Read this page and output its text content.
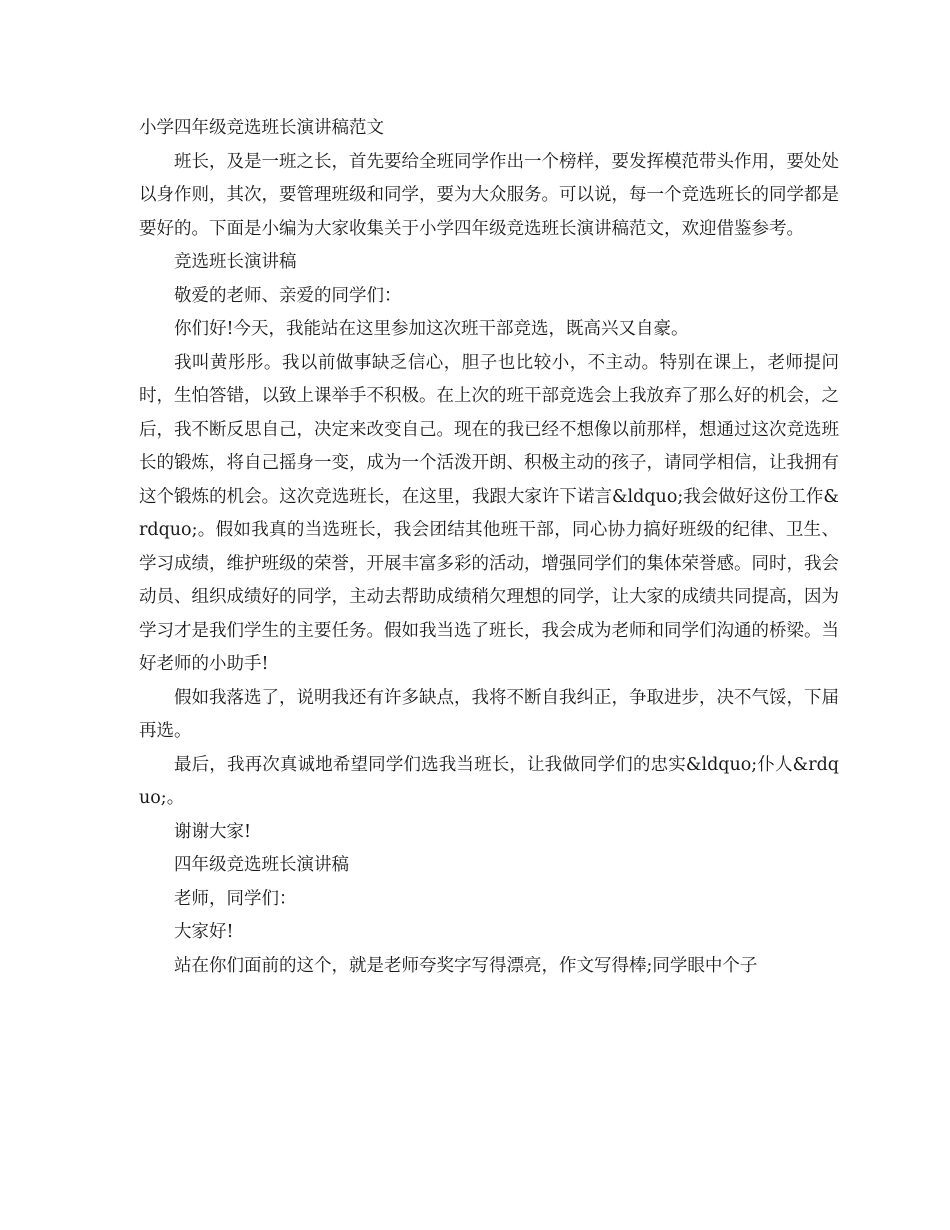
小学四年级竞选班长演讲稿范文

班长，及是一班之长，首先要给全班同学作出一个榜样，要发挥模范带头作用，要处处以身作则，其次，要管理班级和同学，要为大众服务。可以说，每一个竞选班长的同学都是要好的。下面是小编为大家收集关于小学四年级竞选班长演讲稿范文，欢迎借鉴参考。

竞选班长演讲稿

敬爱的老师、亲爱的同学们：

你们好!今天，我能站在这里参加这次班干部竞选，既高兴又自豪。

我叫黄彤彤。我以前做事缺乏信心，胆子也比较小，不主动。特别在课上，老师提问时，生怕答错，以致上课举手不积极。在上次的班干部竞选会上我放弃了那么好的机会，之后，我不断反思自己，决定来改变自己。现在的我已经不想像以前那样，想通过这次竞选班长的锻炼，将自己摇身一变，成为一个活泼开朗、积极主动的孩子，请同学相信，让我拥有这个锻炼的机会。这次竞选班长，在这里，我跟大家许下诺言&ldquo;我会做好这份工作&rdquo;。假如我真的当选班长，我会团结其他班干部，同心协力搞好班级的纪律、卫生、学习成绩，维护班级的荣誉，开展丰富多彩的活动，增强同学们的集体荣誉感。同时，我会动员、组织成绩好的同学，主动去帮助成绩稍欠理想的同学，让大家的成绩共同提高，因为学习才是我们学生的主要任务。假如我当选了班长，我会成为老师和同学们沟通的桥梁。当好老师的小助手!

假如我落选了，说明我还有许多缺点，我将不断自我纠正，争取进步，决不气馁，下届再选。

最后，我再次真诚地希望同学们选我当班长，让我做同学们的忠实&ldquo;仆人&rdquo;。

谢谢大家!

四年级竞选班长演讲稿

老师，同学们：

大家好!

站在你们面前的这个，就是老师夸奖字写得漂亮，作文写得棒;同学眼中个子
